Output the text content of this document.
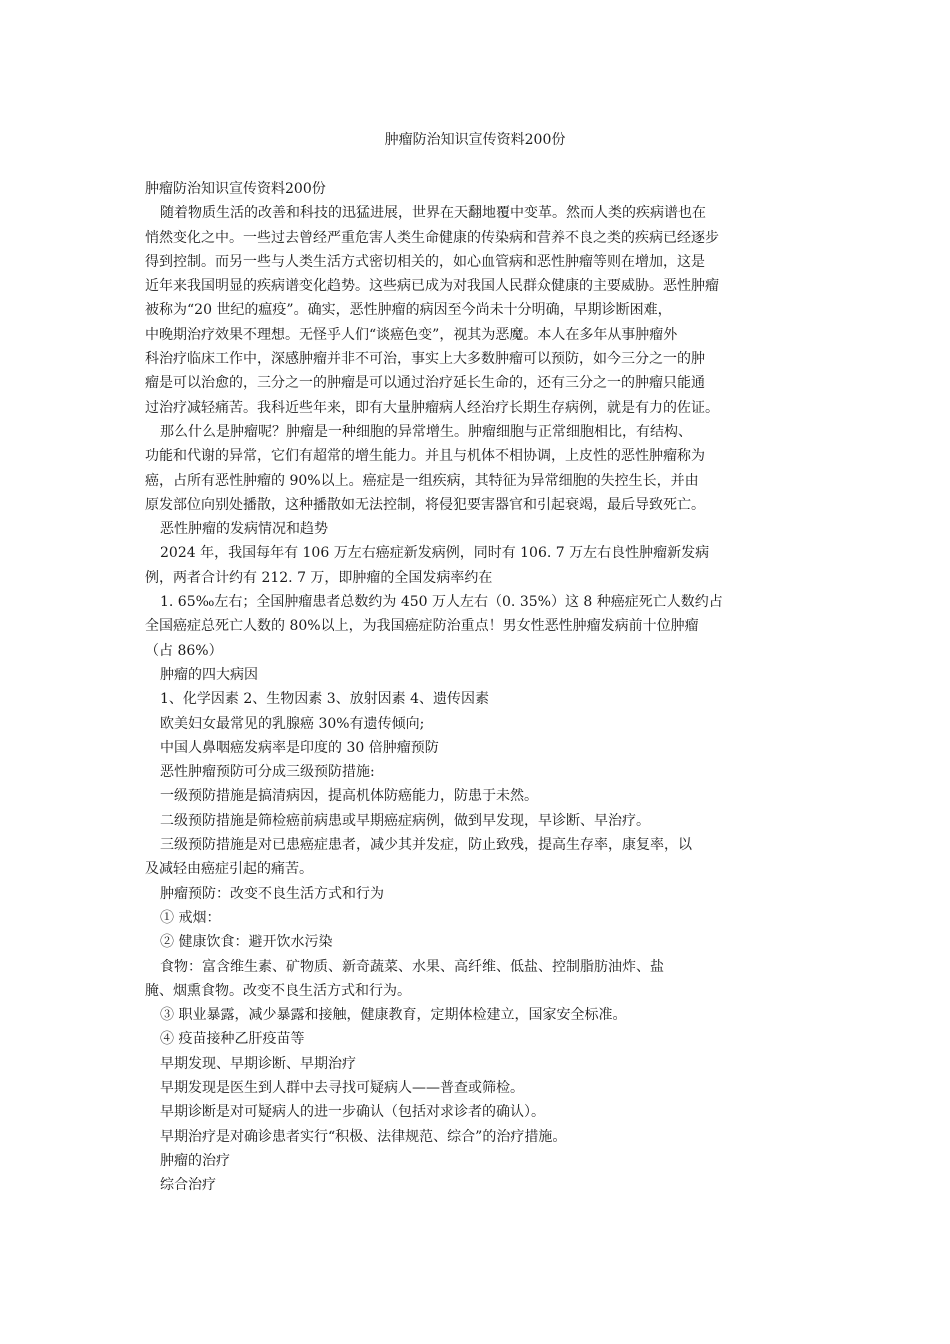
肿瘤防治知识宣传资料200份
肿瘤防治知识宣传资料200份
随着物质生活的改善和科技的迅猛进展，世界在天翻地覆中变革。然而人类的疾病谱也在
悄然变化之中。一些过去曾经严重危害人类生命健康的传染病和营养不良之类的疾病已经逐步
得到控制。而另一些与人类生活方式密切相关的，如心血管病和恶性肿瘤等则在增加，这是
近年来我国明显的疾病谱变化趋势。这些病已成为对我国人民群众健康的主要威胁。恶性肿瘤
被称为“20 世纪的瘟疫”。确实，恶性肿瘤的病因至今尚未十分明确，早期诊断困难，
中晚期治疗效果不理想。无怪乎人们“谈癌色变”，视其为恶魔。本人在多年从事肿瘤外
科治疗临床工作中，深感肿瘤并非不可治，事实上大多数肿瘤可以预防，如今三分之一的肿
瘤是可以治愈的，三分之一的肿瘤是可以通过治疗延长生命的，还有三分之一的肿瘤只能通
过治疗减轻痛苦。我科近些年来，即有大量肿瘤病人经治疗长期生存病例，就是有力的佐证。
那么什么是肿瘤呢？肿瘤是一种细胞的异常增生。肿瘤细胞与正常细胞相比，有结构、
功能和代谢的异常，它们有超常的增生能力。并且与机体不相协调，上皮性的恶性肿瘤称为
癌，占所有恶性肿瘤的 90%以上。癌症是一组疾病，其特征为异常细胞的失控生长，并由
原发部位向别处播散，这种播散如无法控制，将侵犯要害器官和引起衰竭，最后导致死亡。
恶性肿瘤的发病情况和趋势
2024 年，我国每年有 106 万左右癌症新发病例，同时有 106. 7 万左右良性肿瘤新发病
例，两者合计约有 212. 7 万，即肿瘤的全国发病率约在
1. 65‰左右；全国肿瘤患者总数约为 450 万人左右（0. 35%）这 8 种癌症死亡人数约占
全国癌症总死亡人数的 80%以上，为我国癌症防治重点！男女性恶性肿瘤发病前十位肿瘤
（占 86%）
肿瘤的四大病因
1、化学因素 2、生物因素 3、放射因素 4、遗传因素
欧美妇女最常见的乳腺癌 30%有遗传倾向;
中国人鼻咽癌发病率是印度的 30 倍肿瘤预防
恶性肿瘤预防可分成三级预防措施:
一级预防措施是搞清病因，提高机体防癌能力，防患于未然。
二级预防措施是筛检癌前病患或早期癌症病例，做到早发现，早诊断、早治疗。
三级预防措施是对已患癌症患者，减少其并发症，防止致残，提高生存率，康复率，以
及减轻由癌症引起的痛苦。
肿瘤预防：改变不良生活方式和行为
① 戒烟：
② 健康饮食：避开饮水污染
食物：富含维生素、矿物质、新奇蔬菜、水果、高纤维、低盐、控制脂肪油炸、盐
腌、烟熏食物。改变不良生活方式和行为。
③ 职业暴露，减少暴露和接触，健康教育，定期体检建立，国家安全标准。
④ 疫苗接种乙肝疫苗等
早期发现、早期诊断、早期治疗
早期发现是医生到人群中去寻找可疑病人——普查或筛检。
早期诊断是对可疑病人的进一步确认（包括对求诊者的确认）。
早期治疗是对确诊患者实行“积极、法律规范、综合”的治疗措施。
肿瘤的治疗
综合治疗
